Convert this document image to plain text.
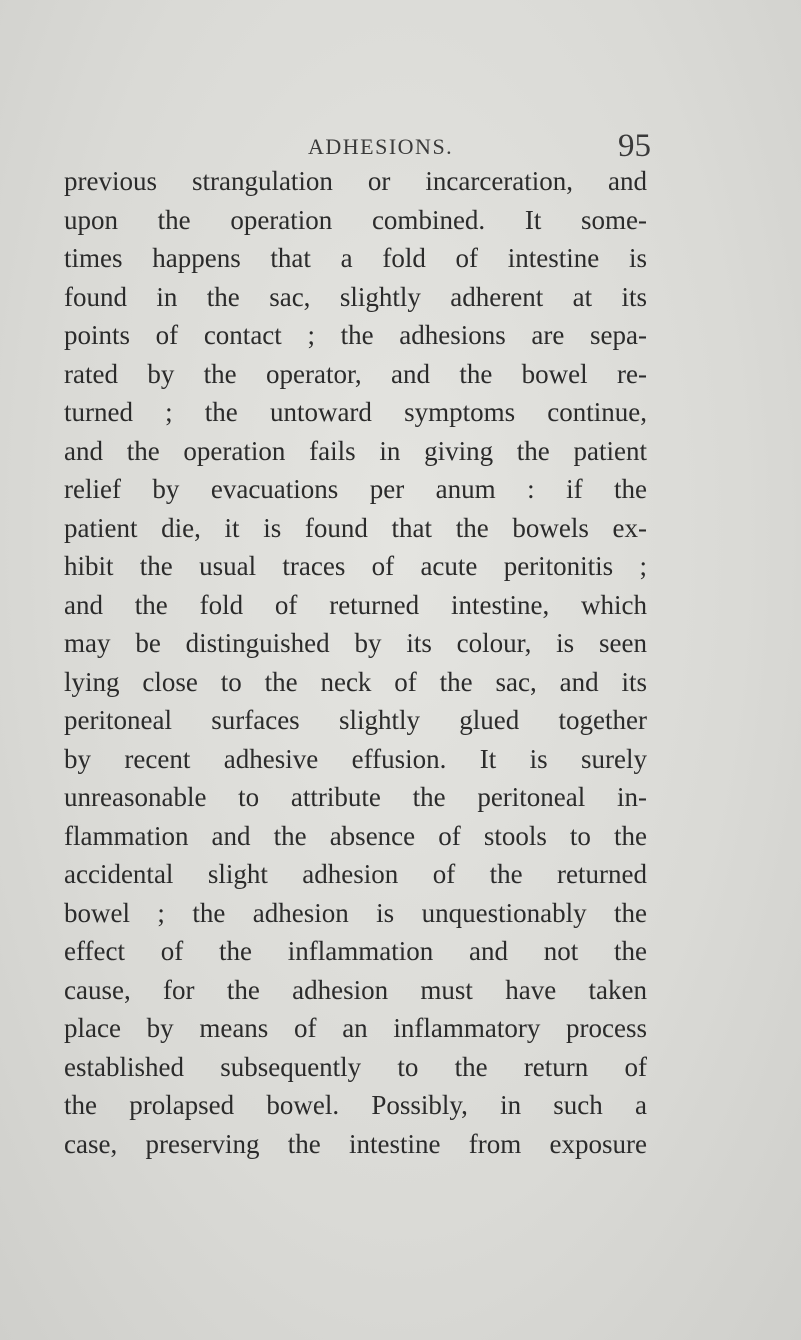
ADHESIONS.	95
previous strangulation or incarceration, and
upon the operation combined. It some-
times happens that a fold of intestine is
found in the sac, slightly adherent at its
points of contact ; the adhesions are sepa-
rated by the operator, and the bowel re-
turned ; the untoward symptoms continue,
and the operation fails in giving the patient
relief by evacuations per anum : if the
patient die, it is found that the bowels ex-
hibit the usual traces of acute peritonitis ;
and the fold of returned intestine, which
may be distinguished by its colour, is seen
lying close to the neck of the sac, and its
peritoneal surfaces slightly glued together
by recent adhesive effusion. It is surely
unreasonable to attribute the peritoneal in-
flammation and the absence of stools to the
accidental slight adhesion of the returned
bowel ; the adhesion is unquestionably the
effect of the inflammation and not the
cause, for the adhesion must have taken
place by means of an inflammatory process
established subsequently to the return of
the prolapsed bowel. Possibly, in such a
case, preserving the intestine from exposure
